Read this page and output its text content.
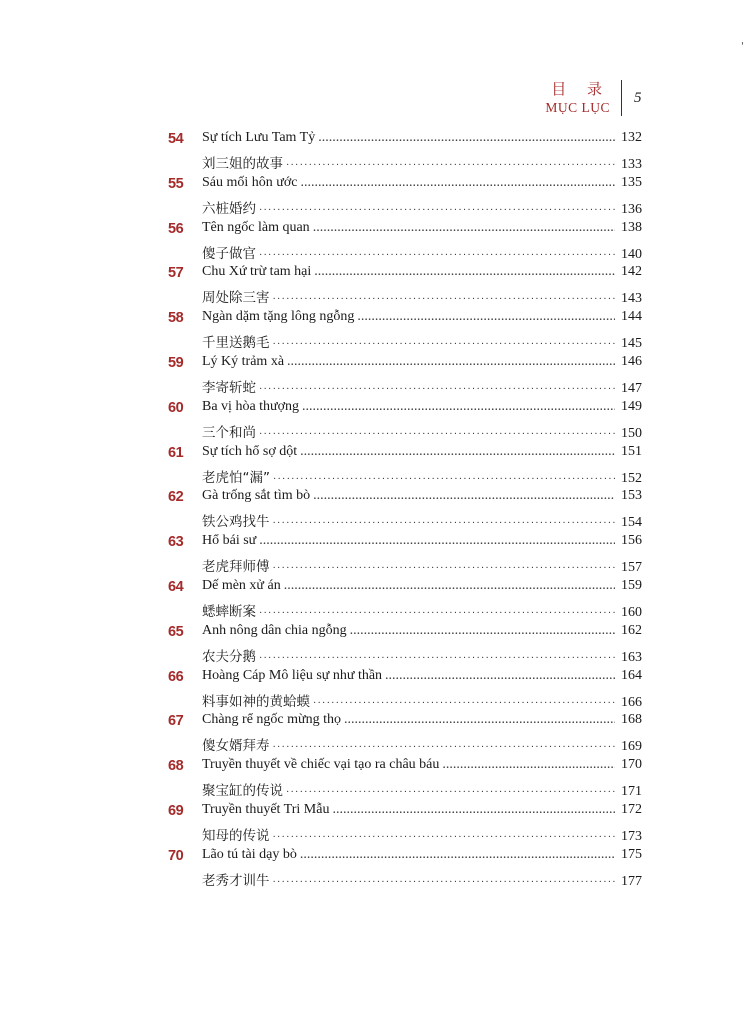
'
目 录
MỤC LỤC
5
54	Sự tích Lưu Tam Tỷ .....	132
刘三姐的故事 ·····	133
55	Sáu mối hôn ước .....	135
六桩婚约 ·····	136
56	Tên ngốc làm quan .....	138
傻子做官 ·····	140
57	Chu Xứ trừ tam hại .....	142
周处除三害 ·····	143
58	Ngàn dặm tặng lông ngỗng .....	144
千里送鹅毛 ·····	145
59	Lý Ký trảm xà .....	146
李寄斩蛇 ·····	147
60	Ba vị hòa thượng .....	149
三个和尚 ·····	150
61	Sự tích hổ sợ dột .....	151
老虎怕“漏” ·····	152
62	Gà trống sắt tìm bò .....	153
铁公鸡找牛 ·····	154
63	Hổ bái sư .....	156
老虎拜师傅 ·····	157
64	Dế mèn xử án .....	159
蟋蟀断案 ·····	160
65	Anh nông dân chia ngỗng .....	162
农夫分鹅 ·····	163
66	Hoàng Cáp Mô liệu sự như thần .....	164
料事如神的黄蛤蟆 ·····	166
67	Chàng rể ngốc mừng thọ .....	168
傻女婿拜寿 ·····	169
68	Truyền thuyết về chiếc vại tạo ra châu báu .....	170
聚宝缸的传说 ·····	171
69	Truyền thuyết Tri Mẫu .....	172
知母的传说 ·····	173
70	Lão tú tài dạy bò .....	175
老秀才训牛 ·····	177
